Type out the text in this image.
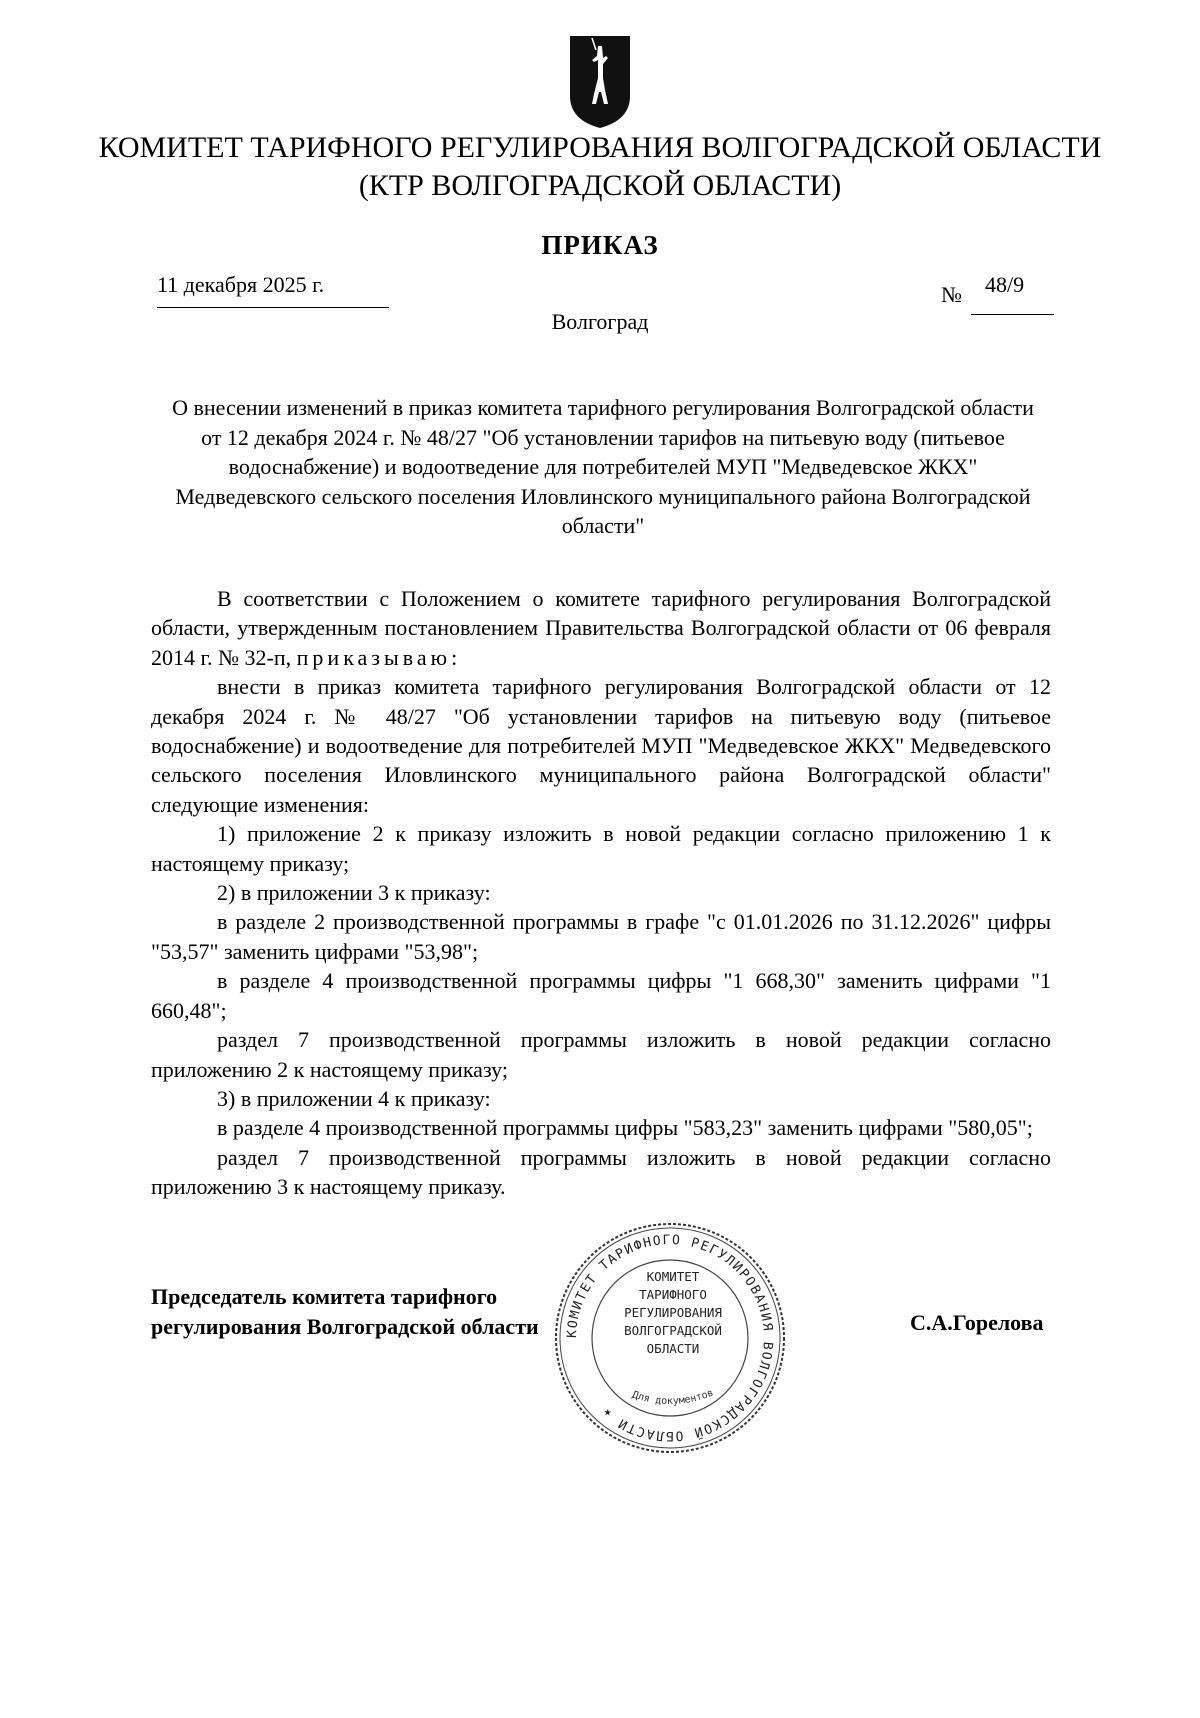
КОМИТЕТ ТАРИФНОГО РЕГУЛИРОВАНИЯ ВОЛГОГРАДСКОЙ ОБЛАСТИ
(КТР ВОЛГОГРАДСКОЙ ОБЛАСТИ)
ПРИКАЗ
11 декабря 2025 г.	№ 48/9
Волгоград
О внесении изменений в приказ комитета тарифного регулирования Волгоградской области от 12 декабря 2024 г. № 48/27 "Об установлении тарифов на питьевую воду (питьевое водоснабжение) и водоотведение для потребителей МУП "Медведевское ЖКХ" Медведевского сельского поселения Иловлинского муниципального района Волгоградской области"

В соответствии с Положением о комитете тарифного регулирования Волгоградской области, утвержденным постановлением Правительства Волгоградской области от 06 февраля 2014 г. № 32-п, приказываю:

внести в приказ комитета тарифного регулирования Волгоградской области от 12 декабря 2024 г. № 48/27 "Об установлении тарифов на питьевую воду (питьевое водоснабжение) и водоотведение для потребителей МУП "Медведевское ЖКХ" Медведевского сельского поселения Иловлинского муниципального района Волгоградской области" следующие изменения:

1) приложение 2 к приказу изложить в новой редакции согласно приложению 1 к настоящему приказу;

2) в приложении 3 к приказу:

в разделе 2 производственной программы в графе "с 01.01.2026 по 31.12.2026" цифры "53,57" заменить цифрами "53,98";

в разделе 4 производственной программы цифры "1 668,30" заменить цифрами "1 660,48";

раздел 7 производственной программы изложить в новой редакции согласно приложению 2 к настоящему приказу;

3) в приложении 4 к приказу:

в разделе 4 производственной программы цифры "583,23" заменить цифрами "580,05";

раздел 7 производственной программы изложить в новой редакции согласно приложению 3 к настоящему приказу.

Председатель комитета тарифного
регулирования Волгоградской области КОМИТЕТ ТАРИФНОГО РЕГУЛИРОВАНИЯ ВОЛГОГРАДСКОЙ ОБЛАСТИ ★
Для документов
КОМИТЕТ
ТАРИФНОГО
РЕГУЛИРОВАНИЯ
ВОЛГОГРАДСКОЙ
ОБЛАСТИ
С.А.Горелова
